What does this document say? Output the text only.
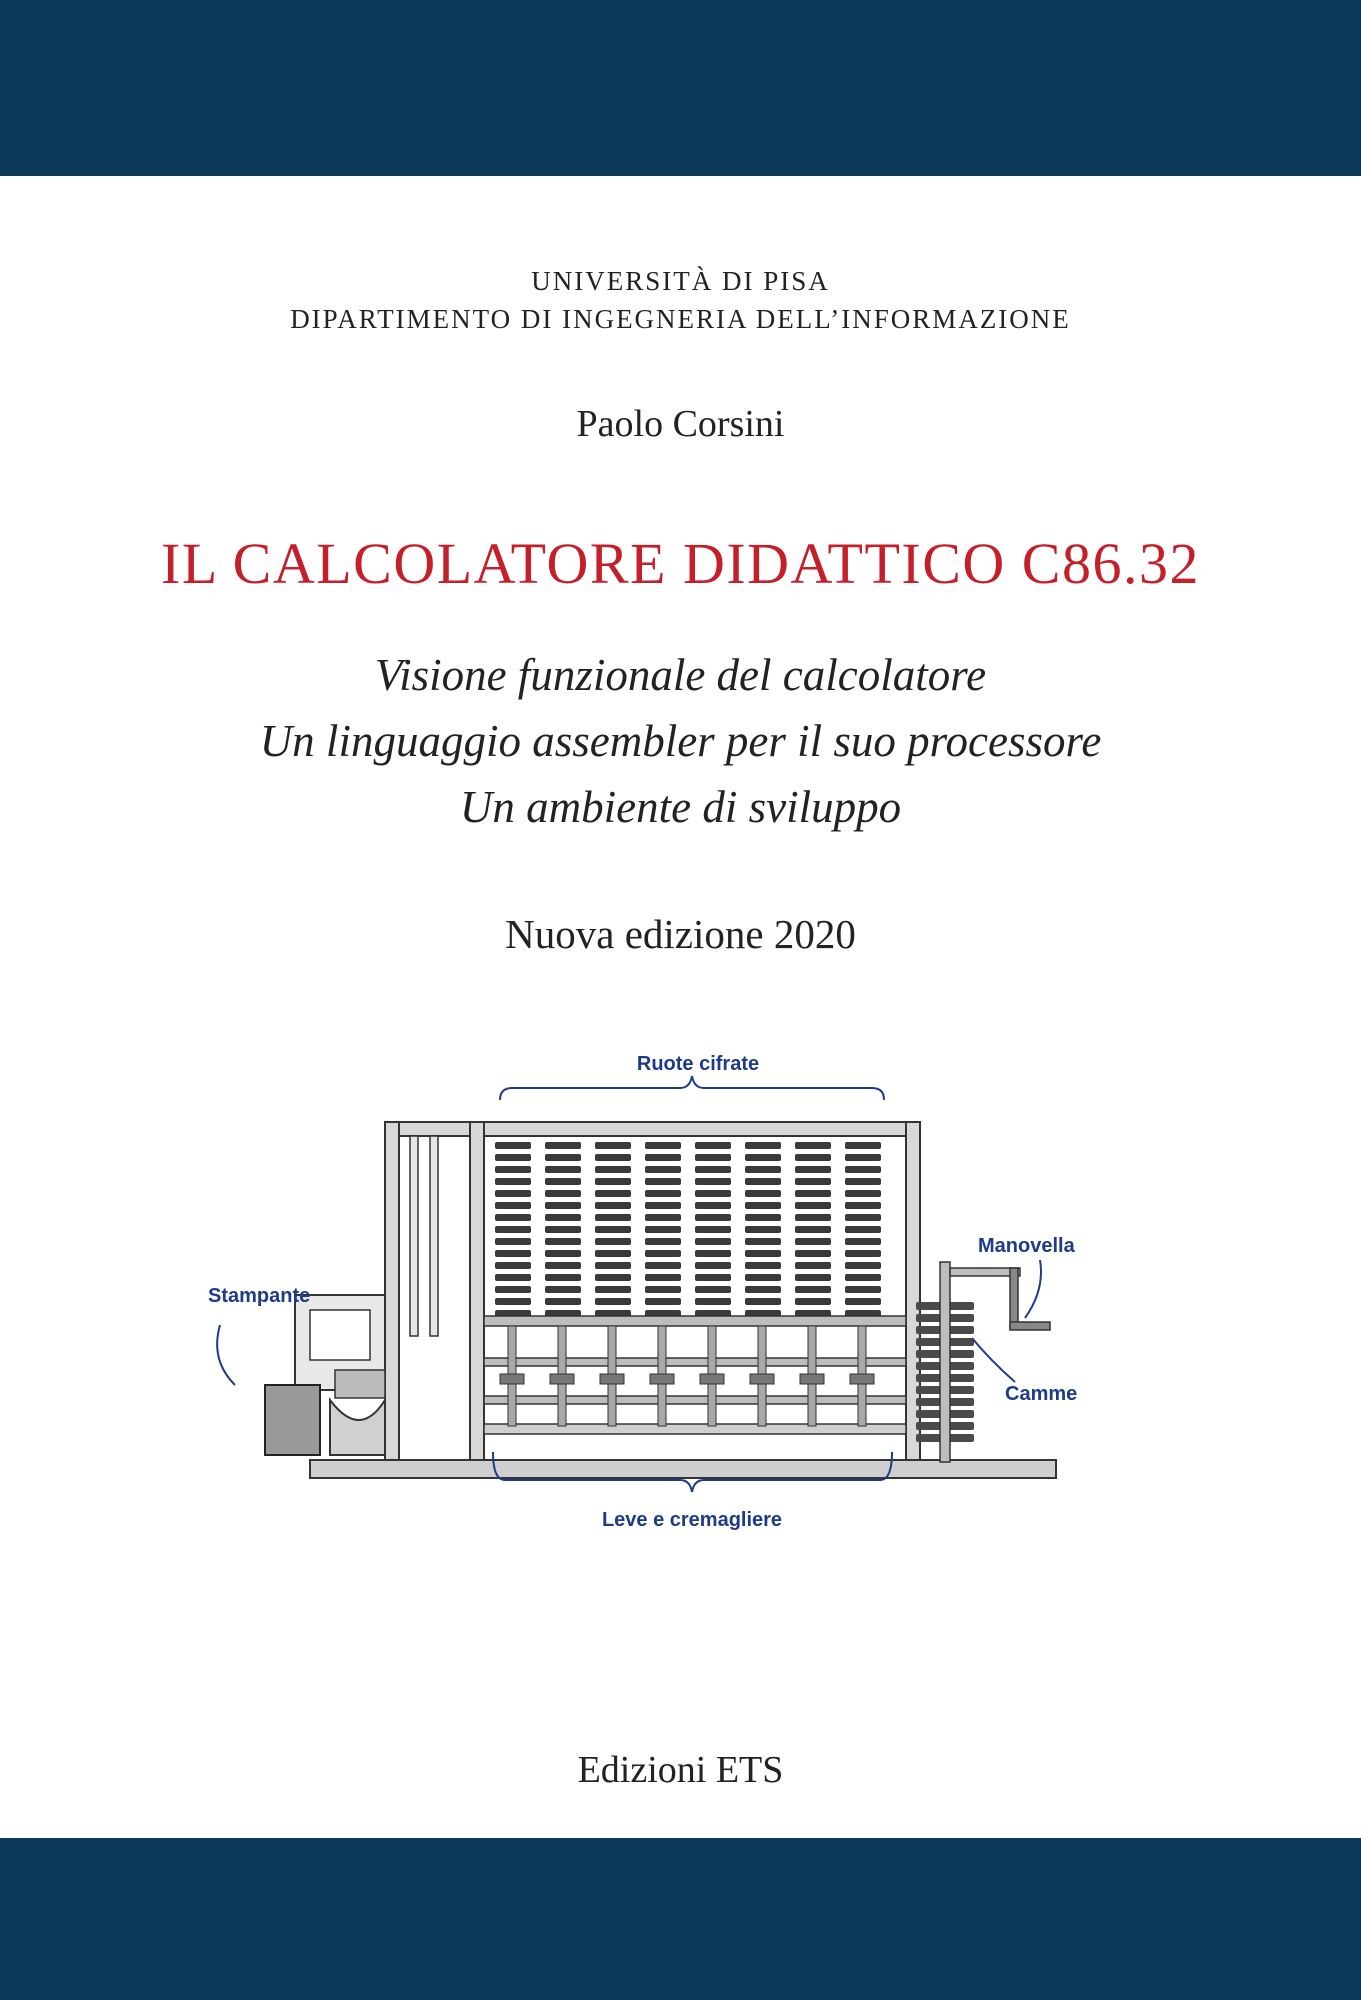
UNIVERSITÀ DI PISA
DIPARTIMENTO DI INGEGNERIA DELL’INFORMAZIONE
Paolo Corsini
IL CALCOLATORE DIDATTICO C86.32
Visione funzionale del calcolatore
Un linguaggio assembler per il suo processore
Un ambiente di sviluppo
Nuova edizione 2020
Ruote cifrate
Stampante
Manovella
Camme
Leve e cremagliere
Edizioni ETS
